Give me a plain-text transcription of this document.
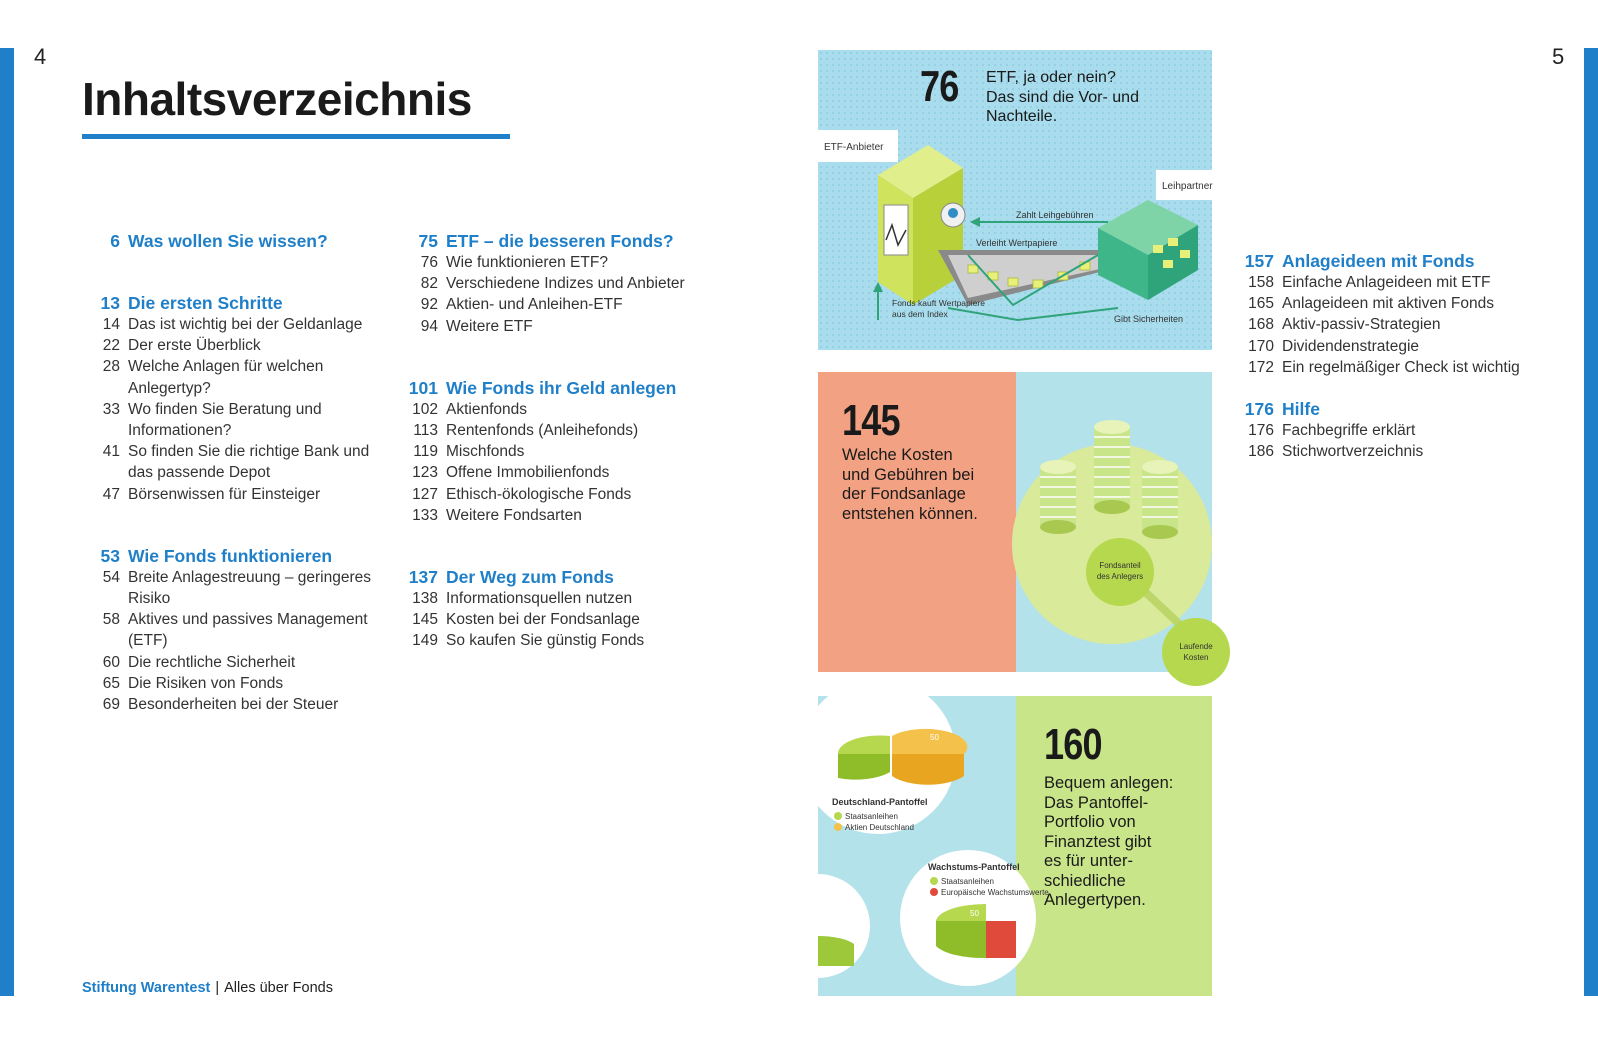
4	5
Inhaltsverzeichnis
6 Was wollen Sie wissen?
13 Die ersten Schritte
14 Das ist wichtig bei der Geldanlage
22 Der erste Überblick
28 Welche Anlagen für welchen Anlegertyp?
33 Wo finden Sie Beratung und Informationen?
41 So finden Sie die richtige Bank und das passende Depot
47 Börsenwissen für Einsteiger
53 Wie Fonds funktionieren
54 Breite Anlagestreuung – geringeres Risiko
58 Aktives und passives Management (ETF)
60 Die rechtliche Sicherheit
65 Die Risiken von Fonds
69 Besonderheiten bei der Steuer
75 ETF – die besseren Fonds?
76 Wie funktionieren ETF?
82 Verschiedene Indizes und Anbieter
92 Aktien- und Anleihen-ETF
94 Weitere ETF
101 Wie Fonds ihr Geld anlegen
102 Aktienfonds
113 Rentenfonds (Anleihefonds)
119 Mischfonds
123 Offene Immobilienfonds
127 Ethisch-ökologische Fonds
133 Weitere Fondsarten
137 Der Weg zum Fonds
138 Informationsquellen nutzen
145 Kosten bei der Fondsanlage
149 So kaufen Sie günstig Fonds
157 Anlageideen mit Fonds
158 Einfache Anlageideen mit ETF
165 Anlageideen mit aktiven Fonds
168 Aktiv-passiv-Strategien
170 Dividendenstrategie
172 Ein regelmäßiger Check ist wichtig
176 Hilfe
176 Fachbegriffe erklärt
186 Stichwortverzeichnis
Stiftung Warentest | Alles über Fonds
ETF-Anbieter
Leihpartner
Zahlt Leihgebühren
Verleiht Wertpapiere
Fonds kauft Wertpapiere
aus dem Index	Gibt Sicherheiten
76 ETF, ja oder nein?
Das sind die Vor- und
Nachteile.
Fondsanteil
des Anlegers
Laufende
Kosten
145
Welche Kosten
und Gebühren bei
der Fondsanlage
entstehen können.
50
50
Deutschland-Pantoffel
Staatsanleihen
Aktien Deutschland
Wachstums-Pantoffel
Staatsanleihen
Europäische Wachstumswerte
50
160
Bequem anlegen:
Das Pantoffel-
Portfolio von
Finanztest gibt
es für unter-
schiedliche
Anlegertypen.
